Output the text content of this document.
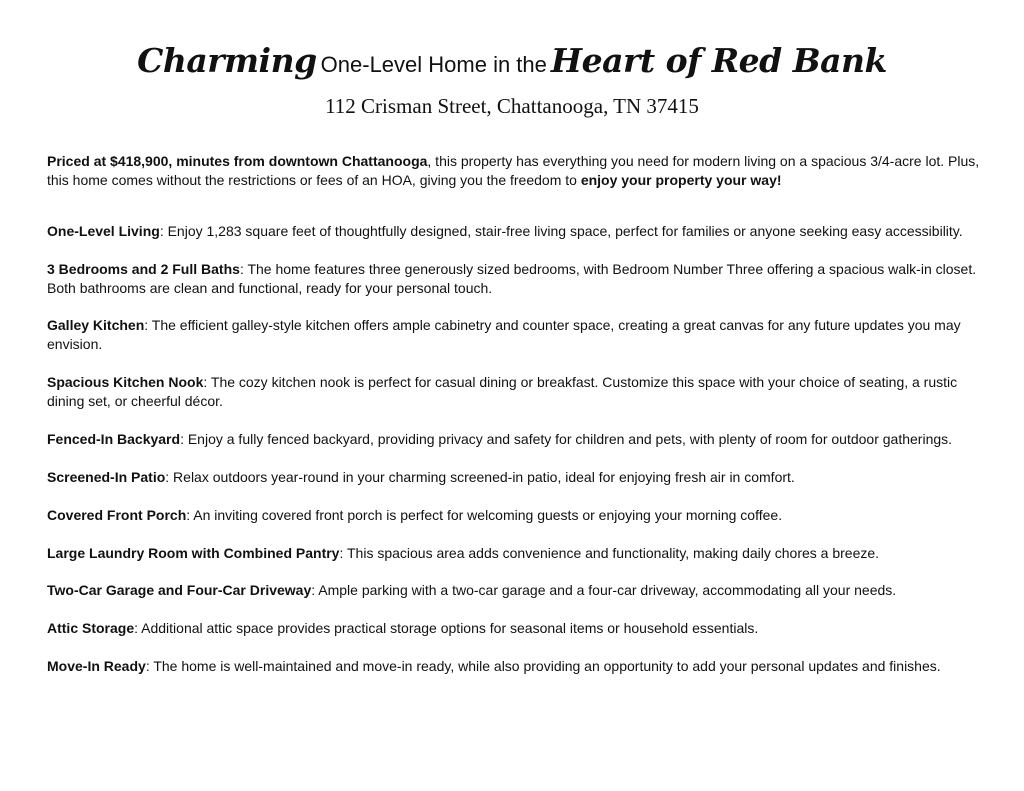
Charming One-Level Home in the Heart of Red Bank
112 Crisman Street, Chattanooga, TN 37415

Priced at $418,900, minutes from downtown Chattanooga, this property has everything you need for modern living on a spacious 3/4-acre lot. Plus, this home comes without the restrictions or fees of an HOA, giving you the freedom to enjoy your property your way!

One-Level Living: Enjoy 1,283 square feet of thoughtfully designed, stair-free living space, perfect for families or anyone seeking easy accessibility.

3 Bedrooms and 2 Full Baths: The home features three generously sized bedrooms, with Bedroom Number Three offering a spacious walk-in closet. Both bathrooms are clean and functional, ready for your personal touch.

Galley Kitchen: The efficient galley-style kitchen offers ample cabinetry and counter space, creating a great canvas for any future updates you may envision.

Spacious Kitchen Nook: The cozy kitchen nook is perfect for casual dining or breakfast. Customize this space with your choice of seating, a rustic dining set, or cheerful décor.

Fenced-In Backyard: Enjoy a fully fenced backyard, providing privacy and safety for children and pets, with plenty of room for outdoor gatherings.

Screened-In Patio: Relax outdoors year-round in your charming screened-in patio, ideal for enjoying fresh air in comfort.

Covered Front Porch: An inviting covered front porch is perfect for welcoming guests or enjoying your morning coffee.

Large Laundry Room with Combined Pantry: This spacious area adds convenience and functionality, making daily chores a breeze.

Two-Car Garage and Four-Car Driveway: Ample parking with a two-car garage and a four-car driveway, accommodating all your needs.

Attic Storage: Additional attic space provides practical storage options for seasonal items or household essentials.

Move-In Ready: The home is well-maintained and move-in ready, while also providing an opportunity to add your personal updates and finishes.
